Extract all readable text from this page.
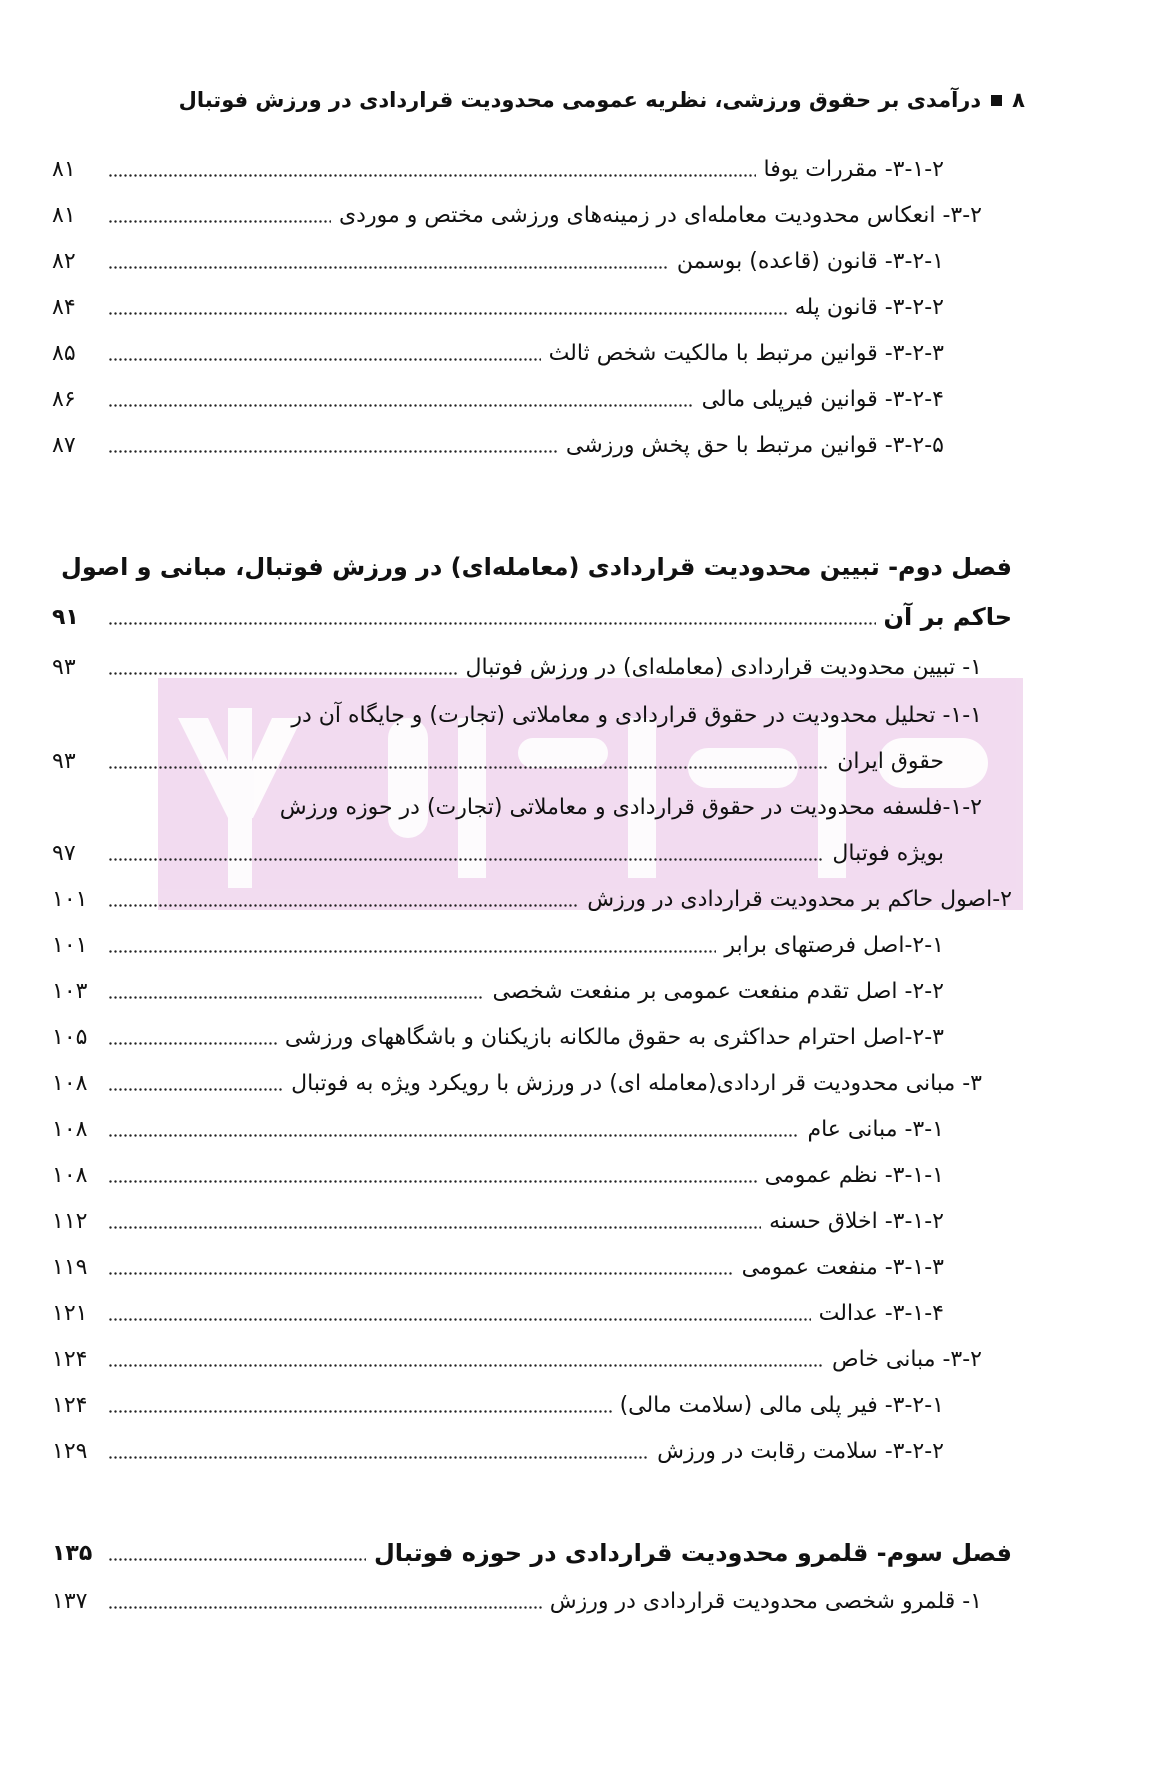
۸
درآمدی بر حقوق ورزشی، نظریه عمومی محدودیت قراردادی در ورزش فوتبال
۳-۱-۲- مقررات یوفا
۸۱
۳-۲- انعکاس محدودیت معامله‌ای در زمینه‌های ورزشی مختص و موردی
۸۱
۳-۲-۱- قانون (قاعده) بوسمن
۸۲
۳-۲-۲- قانون پله
۸۴
۳-۲-۳- قوانین مرتبط با مالکیت شخص ثالث
۸۵
۳-۲-۴- قوانین فیرپلی مالی
۸۶
۳-۲-۵- قوانین مرتبط با حق پخش ورزشی
۸۷
فصل دوم- تبیین محدودیت قراردادی (معامله‌ای) در ورزش فوتبال، مبانی و اصول
حاکم بر آن
۹۱
۱- تبیین محدودیت قراردادی (معامله‌ای) در ورزش فوتبال
۹۳
۱-۱- تحلیل محدودیت در حقوق قراردادی و معاملاتی (تجارت) و جایگاه آن در
حقوق ایران
۹۳
۱-۲-فلسفه محدودیت در حقوق قراردادی و معاملاتی (تجارت) در حوزه ورزش
بویژه فوتبال
۹۷
۲-اصول حاکم بر محدودیت قراردادی در ورزش
۱۰۱
۲-۱-اصل فرصتهای برابر
۱۰۱
۲-۲- اصل تقدم منفعت عمومی بر منفعت شخصی
۱۰۳
۲-۳-اصل احترام حداکثری به حقوق مالکانه بازیکنان و باشگاههای ورزشی
۱۰۵
۳- مبانی محدودیت قر اردادی(معامله ای) در ورزش با رویکرد ویژه به فوتبال
۱۰۸
۳-۱- مبانی عام
۱۰۸
۳-۱-۱- نظم عمومی
۱۰۸
۳-۱-۲- اخلاق حسنه
۱۱۲
۳-۱-۳- منفعت عمومی
۱۱۹
۳-۱-۴- عدالت
۱۲۱
۳-۲- مبانی خاص
۱۲۴
۳-۲-۱- فیر پلی مالی (سلامت مالی)
۱۲۴
۳-۲-۲- سلامت رقابت در ورزش
۱۲۹
فصل سوم- قلمرو محدودیت قراردادی در حوزه فوتبال
۱۳۵
۱- قلمرو شخصی محدودیت قراردادی در ورزش
۱۳۷
